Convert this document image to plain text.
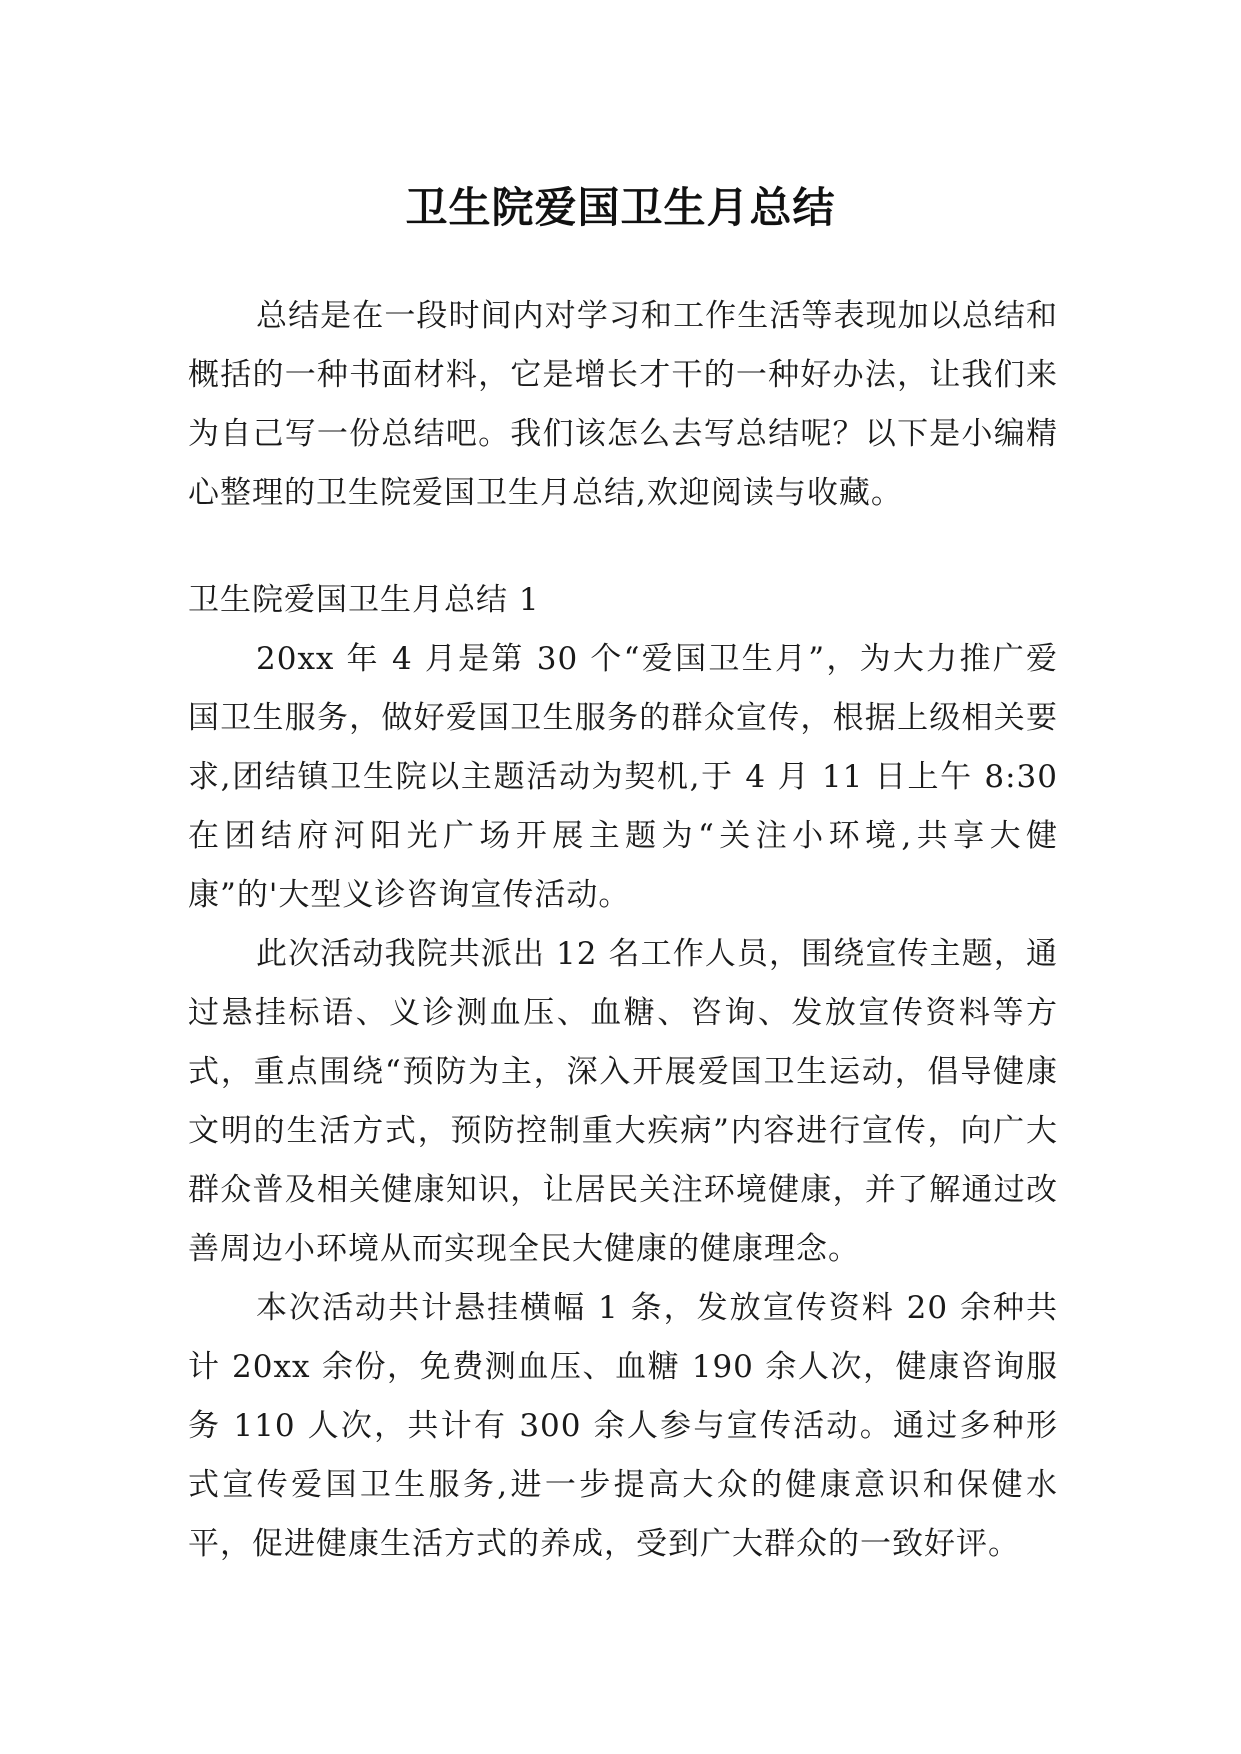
卫生院爱国卫生月总结

总结是在一段时间内对学习和工作生活等表现加以总结和概括的一种书面材料，它是增长才干的一种好办法，让我们来为自己写一份总结吧。我们该怎么去写总结呢？以下是小编精心整理的卫生院爱国卫生月总结,欢迎阅读与收藏。

卫生院爱国卫生月总结 1

20xx 年 4 月是第 30 个“爱国卫生月”，为大力推广爱国卫生服务，做好爱国卫生服务的群众宣传，根据上级相关要求,团结镇卫生院以主题活动为契机,于 4 月 11 日上午 8:30 在团结府河阳光广场开展主题为“关注小环境,共享大健康”的'大型义诊咨询宣传活动。

此次活动我院共派出 12 名工作人员，围绕宣传主题，通过悬挂标语、义诊测血压、血糖、咨询、发放宣传资料等方式，重点围绕“预防为主，深入开展爱国卫生运动，倡导健康文明的生活方式，预防控制重大疾病”内容进行宣传，向广大群众普及相关健康知识，让居民关注环境健康，并了解通过改善周边小环境从而实现全民大健康的健康理念。

本次活动共计悬挂横幅 1 条，发放宣传资料 20 余种共计 20xx 余份，免费测血压、血糖 190 余人次，健康咨询服务 110 人次，共计有 300 余人参与宣传活动。通过多种形式宣传爱国卫生服务,进一步提高大众的健康意识和保健水平，促进健康生活方式的养成，受到广大群众的一致好评。
